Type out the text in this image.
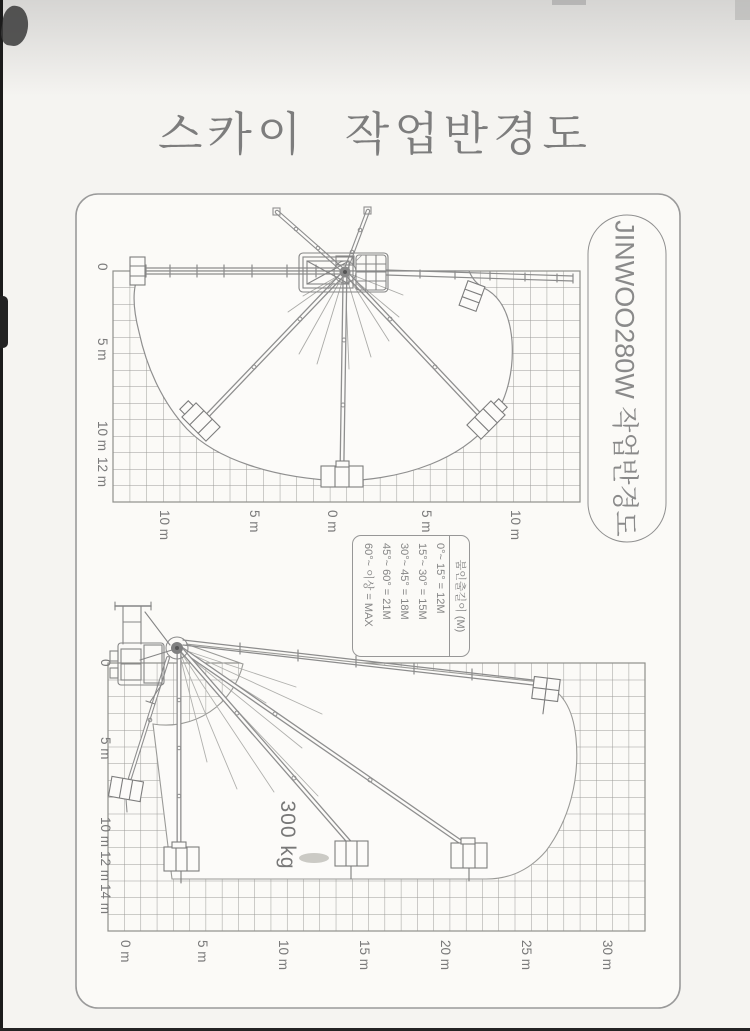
스카이 작업반경도
0
5 m
10 m
12 m
10 m	5 m	0 m	5 m	10 m
0
5 m
10 m
12 m
14 m
0 m	5 m	10 m	15 m	20 m	25 m	30 m
JINWOO280W 작업반경도
붐인출길이 (M)
0°~ 15° = 12M
15°~ 30° = 15M
30°~ 45° = 18M
45°~ 60° = 21M
60°~ 이상 = MAX
300 kg
